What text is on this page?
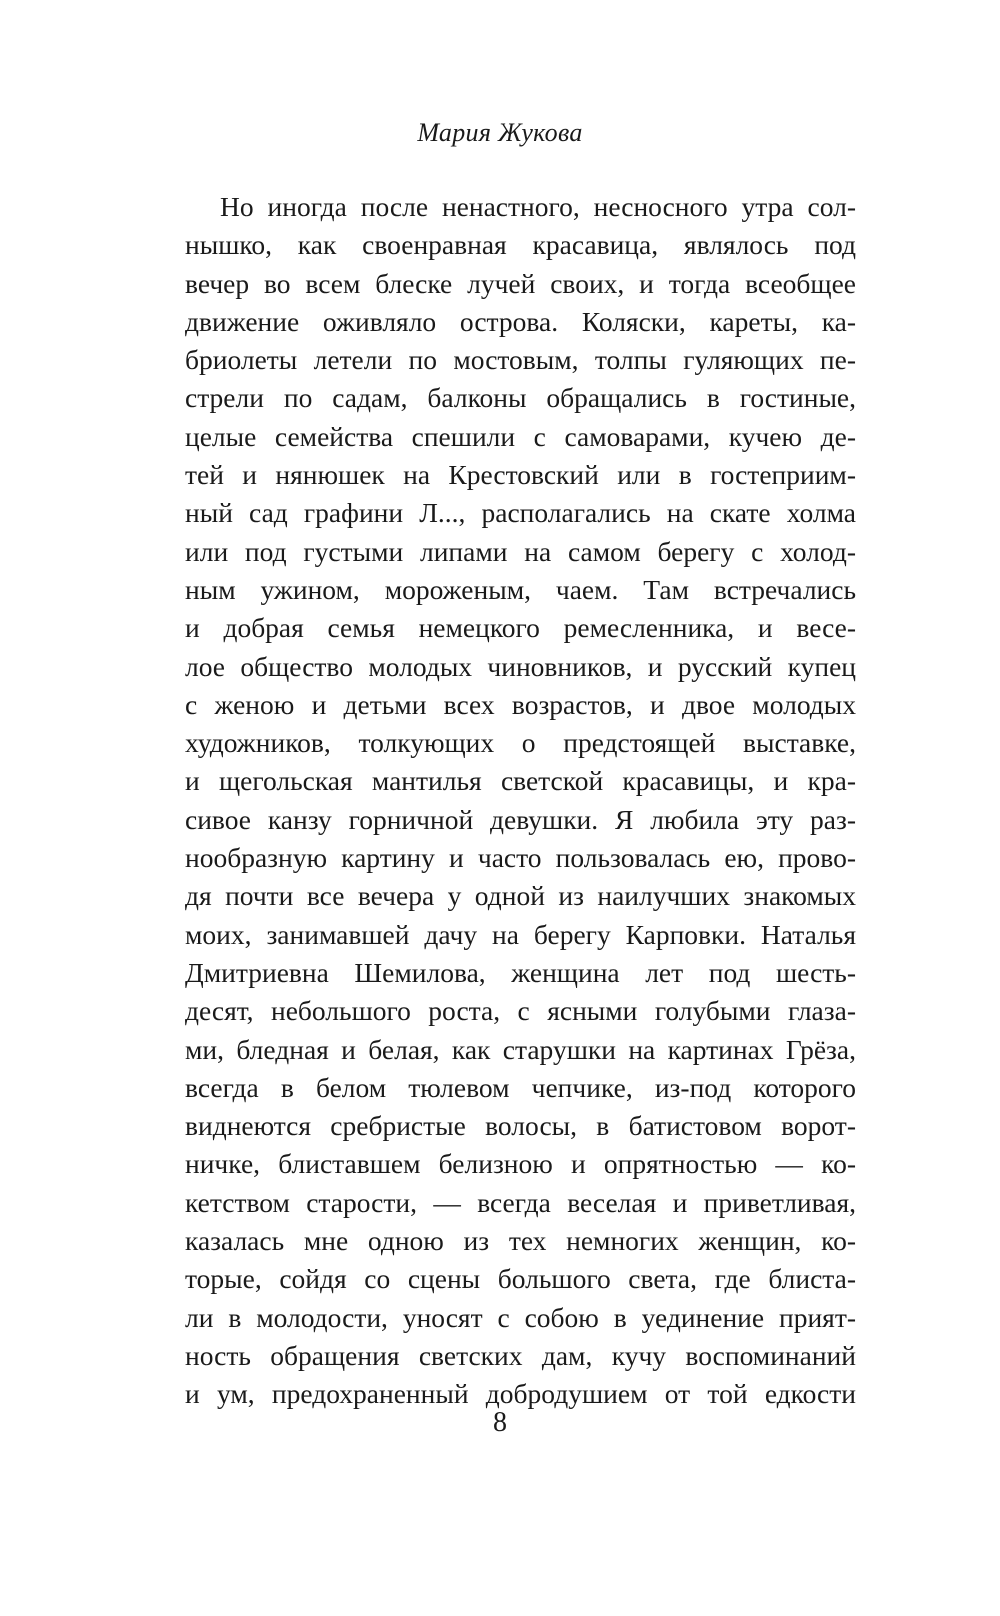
Мария Жукова
Но иногда после ненастного, несносного утра сол-
нышко, как своенравная красавица, являлось под
вечер во всем блеске лучей своих, и тогда всеобщее
движение оживляло острова. Коляски, кареты, ка-
бриолеты летели по мостовым, толпы гуляющих пе-
стрели по садам, балконы обращались в гостиные,
целые семейства спешили с самоварами, кучею де-
тей и нянюшек на Крестовский или в гостеприим-
ный сад графини Л..., располагались на скате холма
или под густыми липами на самом берегу с холод-
ным ужином, мороженым, чаем. Там встречались
и добрая семья немецкого ремесленника, и весе-
лое общество молодых чиновников, и русский купец
с женою и детьми всех возрастов, и двое молодых
художников, толкующих о предстоящей выставке,
и щегольская мантилья светской красавицы, и кра-
сивое канзу горничной девушки. Я любила эту раз-
нообразную картину и часто пользовалась ею, прово-
дя почти все вечера у одной из наилучших знакомых
моих, занимавшей дачу на берегу Карповки. Наталья
Дмитриевна Шемилова, женщина лет под шесть-
десят, небольшого роста, с ясными голубыми глаза-
ми, бледная и белая, как старушки на картинах Грёза,
всегда в белом тюлевом чепчике, из-под которого
виднеются сребристые волосы, в батистовом ворот-
ничке, блиставшем белизною и опрятностью — ко-
кетством старости, — всегда веселая и приветливая,
казалась мне одною из тех немногих женщин, ко-
торые, сойдя со сцены большого света, где блиста-
ли в молодости, уносят с собою в уединение прият-
ность обращения светских дам, кучу воспоминаний
и ум, предохраненный добродушием от той едкости
8
